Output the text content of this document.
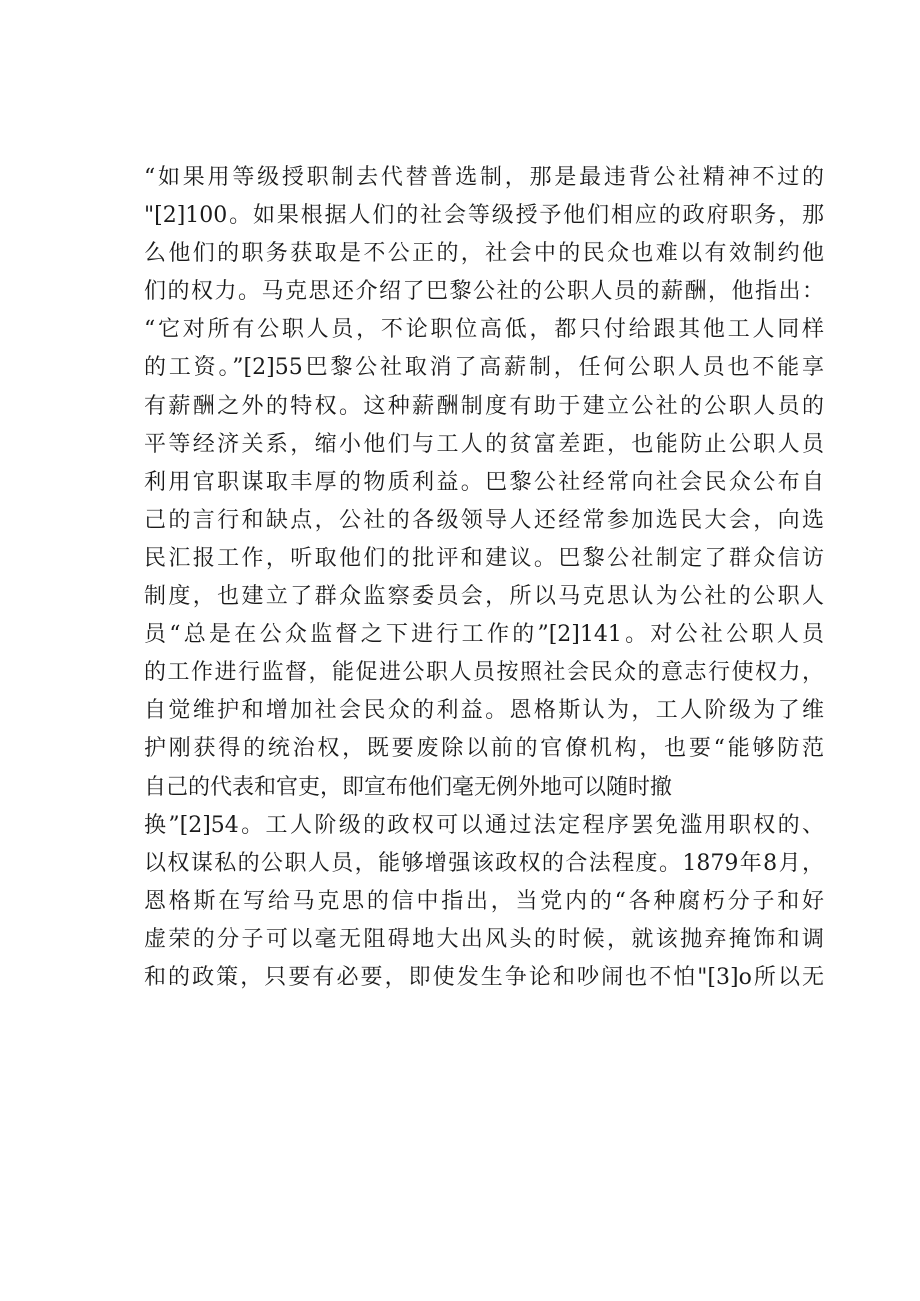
“如果用等级授职制去代替普选制，那是最违背公社精神不过的
"[2]100。如果根据人们的社会等级授予他们相应的政府职务，那
么他们的职务获取是不公正的，社会中的民众也难以有效制约他
们的权力。马克思还介绍了巴黎公社的公职人员的薪酬，他指出：
“它对所有公职人员，不论职位高低，都只付给跟其他工人同样
的工资。”[2]55巴黎公社取消了高薪制，任何公职人员也不能享
有薪酬之外的特权。这种薪酬制度有助于建立公社的公职人员的
平等经济关系，缩小他们与工人的贫富差距，也能防止公职人员
利用官职谋取丰厚的物质利益。巴黎公社经常向社会民众公布自
己的言行和缺点，公社的各级领导人还经常参加选民大会，向选
民汇报工作，听取他们的批评和建议。巴黎公社制定了群众信访
制度，也建立了群众监察委员会，所以马克思认为公社的公职人
员“总是在公众监督之下进行工作的”[2]141。对公社公职人员
的工作进行监督，能促进公职人员按照社会民众的意志行使权力，
自觉维护和增加社会民众的利益。恩格斯认为，工人阶级为了维
护刚获得的统治权，既要废除以前的官僚机构，也要“能够防范
自己的代表和官吏，即宣布他们毫无例外地可以随时撤
换”[2]54。工人阶级的政权可以通过法定程序罢免滥用职权的、
以权谋私的公职人员，能够增强该政权的合法程度。1879年8月，
恩格斯在写给马克思的信中指出，当党内的“各种腐朽分子和好
虚荣的分子可以毫无阻碍地大出风头的时候，就该抛弃掩饰和调
和的政策，只要有必要，即使发生争论和吵闹也不怕"[3]o所以无
